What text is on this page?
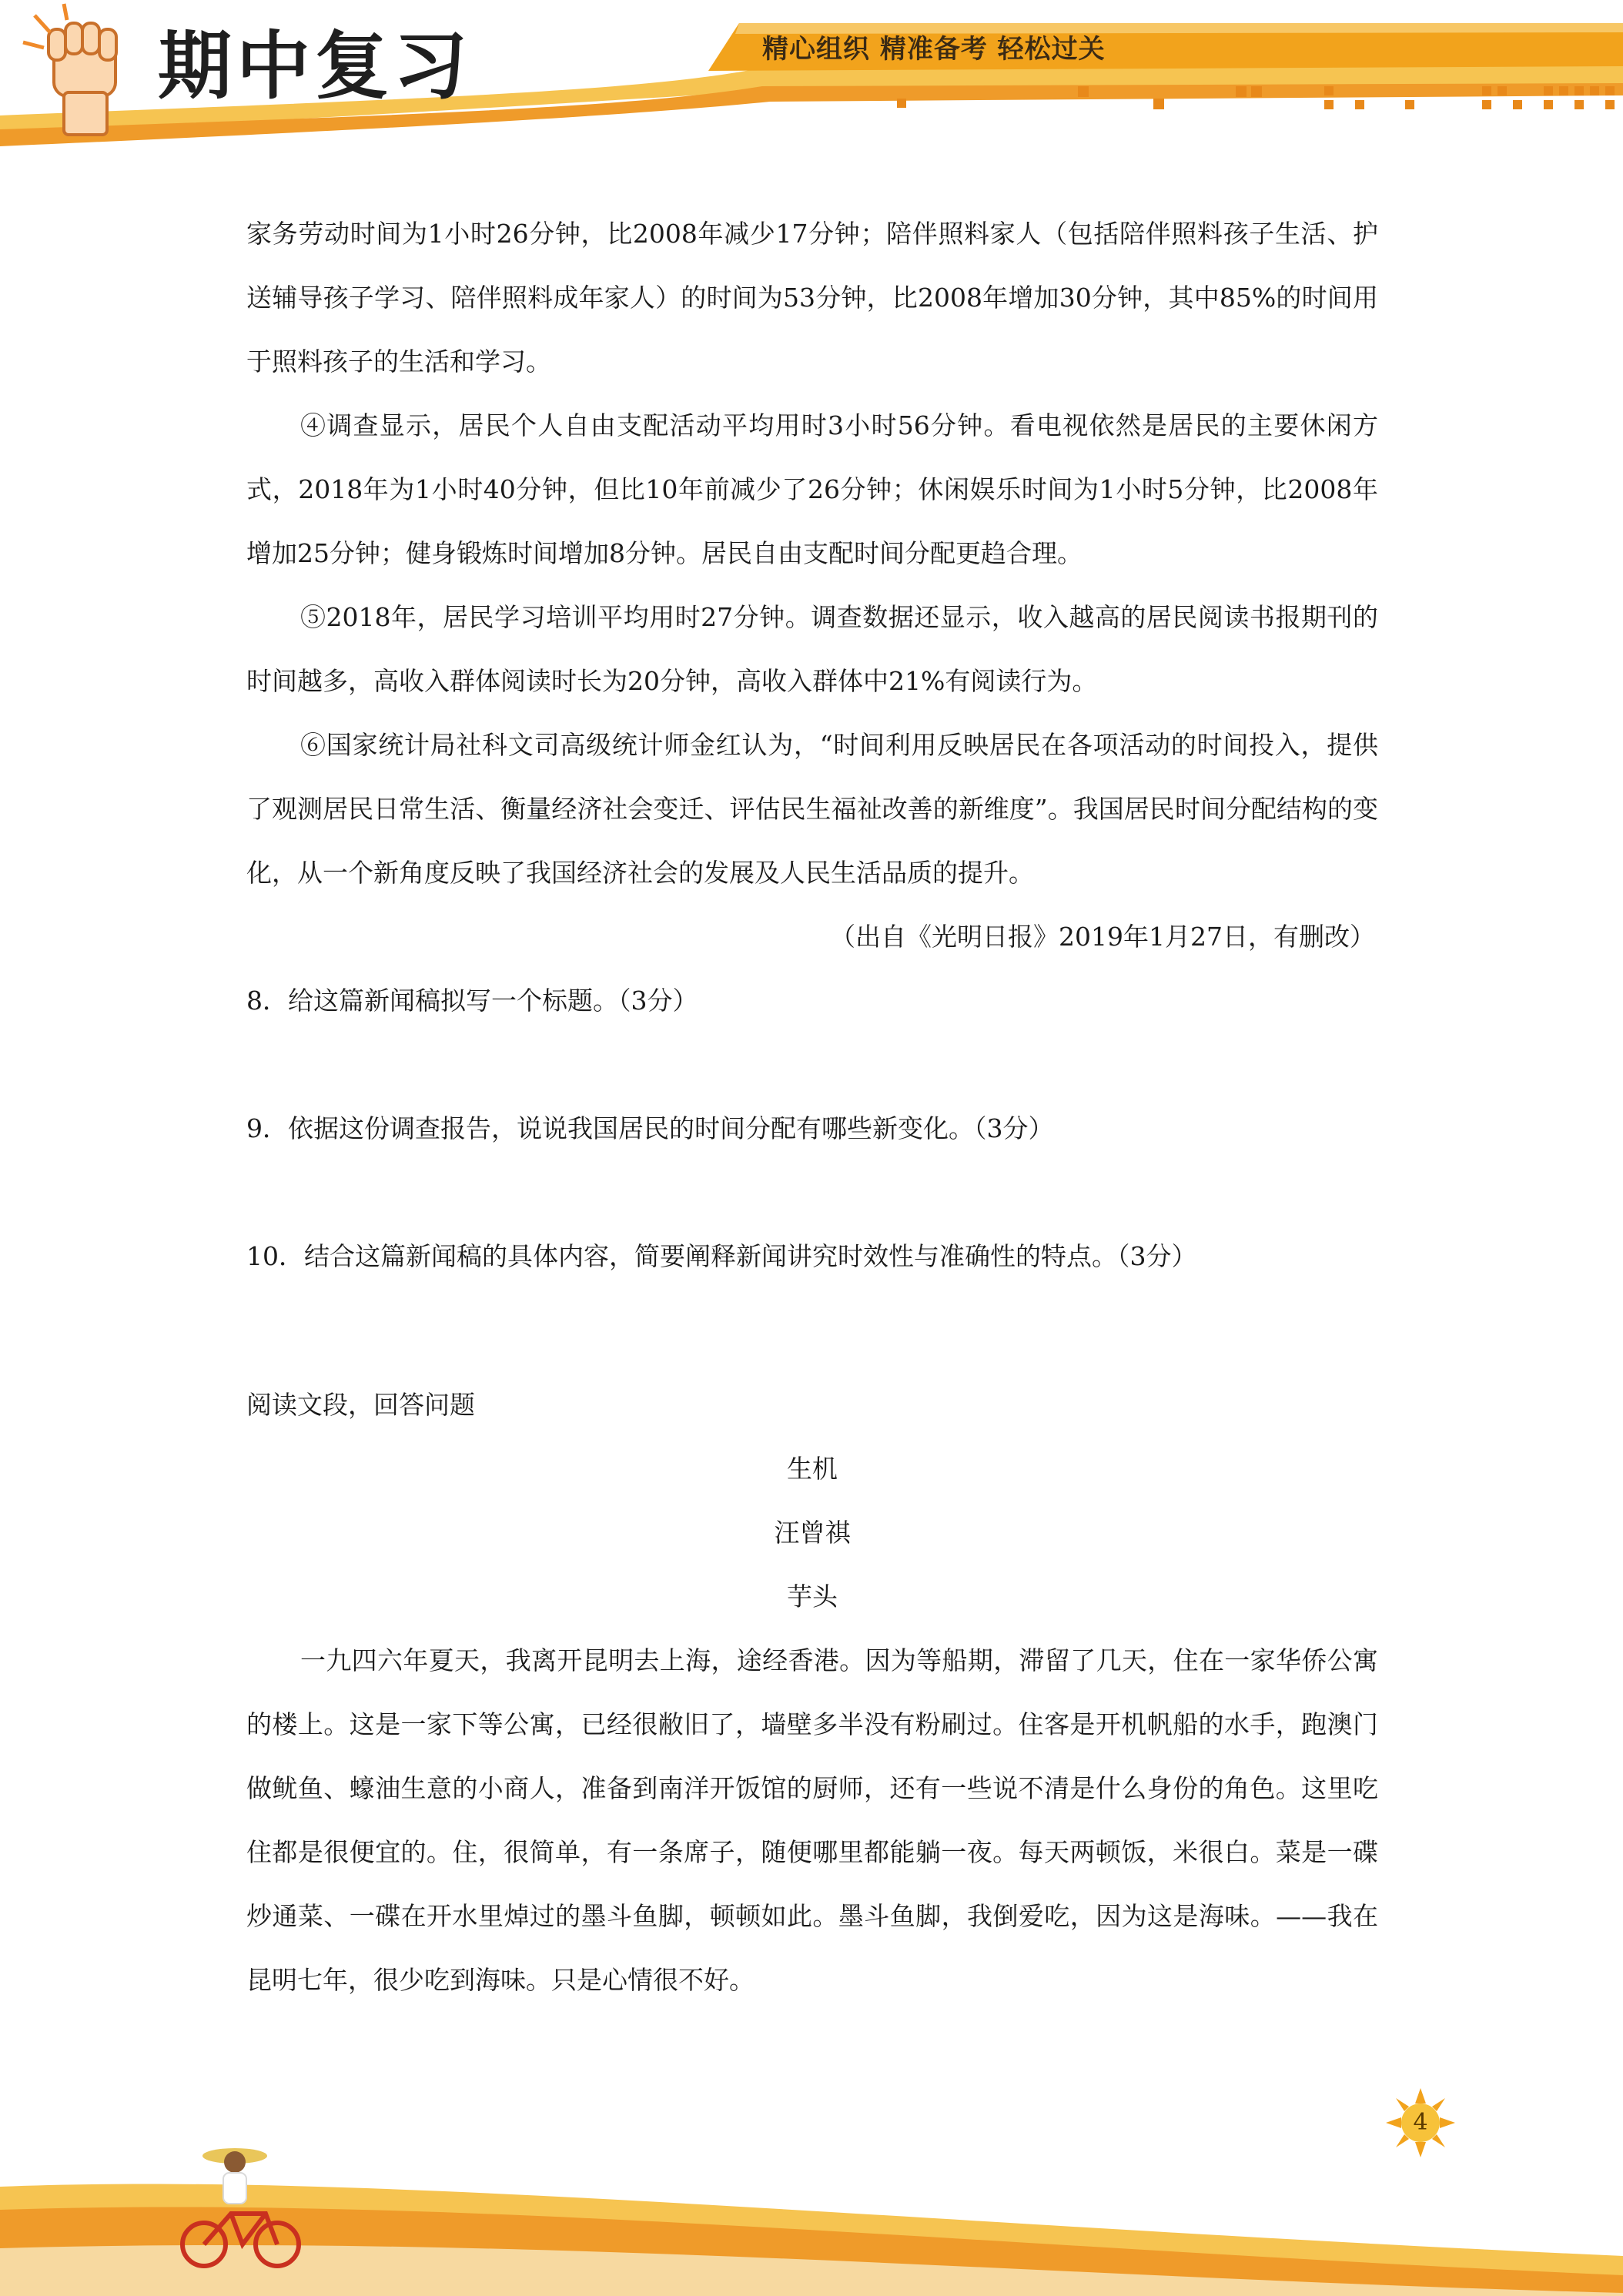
期中复习	精心组织 精准备考 轻松过关

家务劳动时间为1小时26分钟，比2008年减少17分钟；陪伴照料家人（包括陪伴照料孩子生活、护送辅导孩子学习、陪伴照料成年家人）的时间为53分钟，比2008年增加30分钟，其中85%的时间用于照料孩子的生活和学习。

④调查显示，居民个人自由支配活动平均用时3小时56分钟。看电视依然是居民的主要休闲方式，2018年为1小时40分钟，但比10年前减少了26分钟；休闲娱乐时间为1小时5分钟，比2008年增加25分钟；健身锻炼时间增加8分钟。居民自由支配时间分配更趋合理。

⑤2018年，居民学习培训平均用时27分钟。调查数据还显示，收入越高的居民阅读书报期刊的时间越多，高收入群体阅读时长为20分钟，高收入群体中21%有阅读行为。

⑥国家统计局社科文司高级统计师金红认为，“时间利用反映居民在各项活动的时间投入，提供了观测居民日常生活、衡量经济社会变迁、评估民生福祉改善的新维度”。我国居民时间分配结构的变化，从一个新角度反映了我国经济社会的发展及人民生活品质的提升。

（出自《光明日报》2019年1月27日，有删改）

8．给这篇新闻稿拟写一个标题。（3分）

9．依据这份调查报告，说说我国居民的时间分配有哪些新变化。（3分）

10．结合这篇新闻稿的具体内容，简要阐释新闻讲究时效性与准确性的特点。（3分）

阅读文段，回答问题

生机

汪曾祺

芋头

一九四六年夏天，我离开昆明去上海，途经香港。因为等船期，滞留了几天，住在一家华侨公寓的楼上。这是一家下等公寓，已经很敝旧了，墙壁多半没有粉刷过。住客是开机帆船的水手，跑澳门做鱿鱼、蠔油生意的小商人，准备到南洋开饭馆的厨师，还有一些说不清是什么身份的角色。这里吃住都是很便宜的。住，很简单，有一条席子，随便哪里都能躺一夜。每天两顿饭，米很白。菜是一碟炒通菜、一碟在开水里焯过的墨斗鱼脚，顿顿如此。墨斗鱼脚，我倒爱吃，因为这是海味。——我在昆明七年，很少吃到海味。只是心情很不好。

4
